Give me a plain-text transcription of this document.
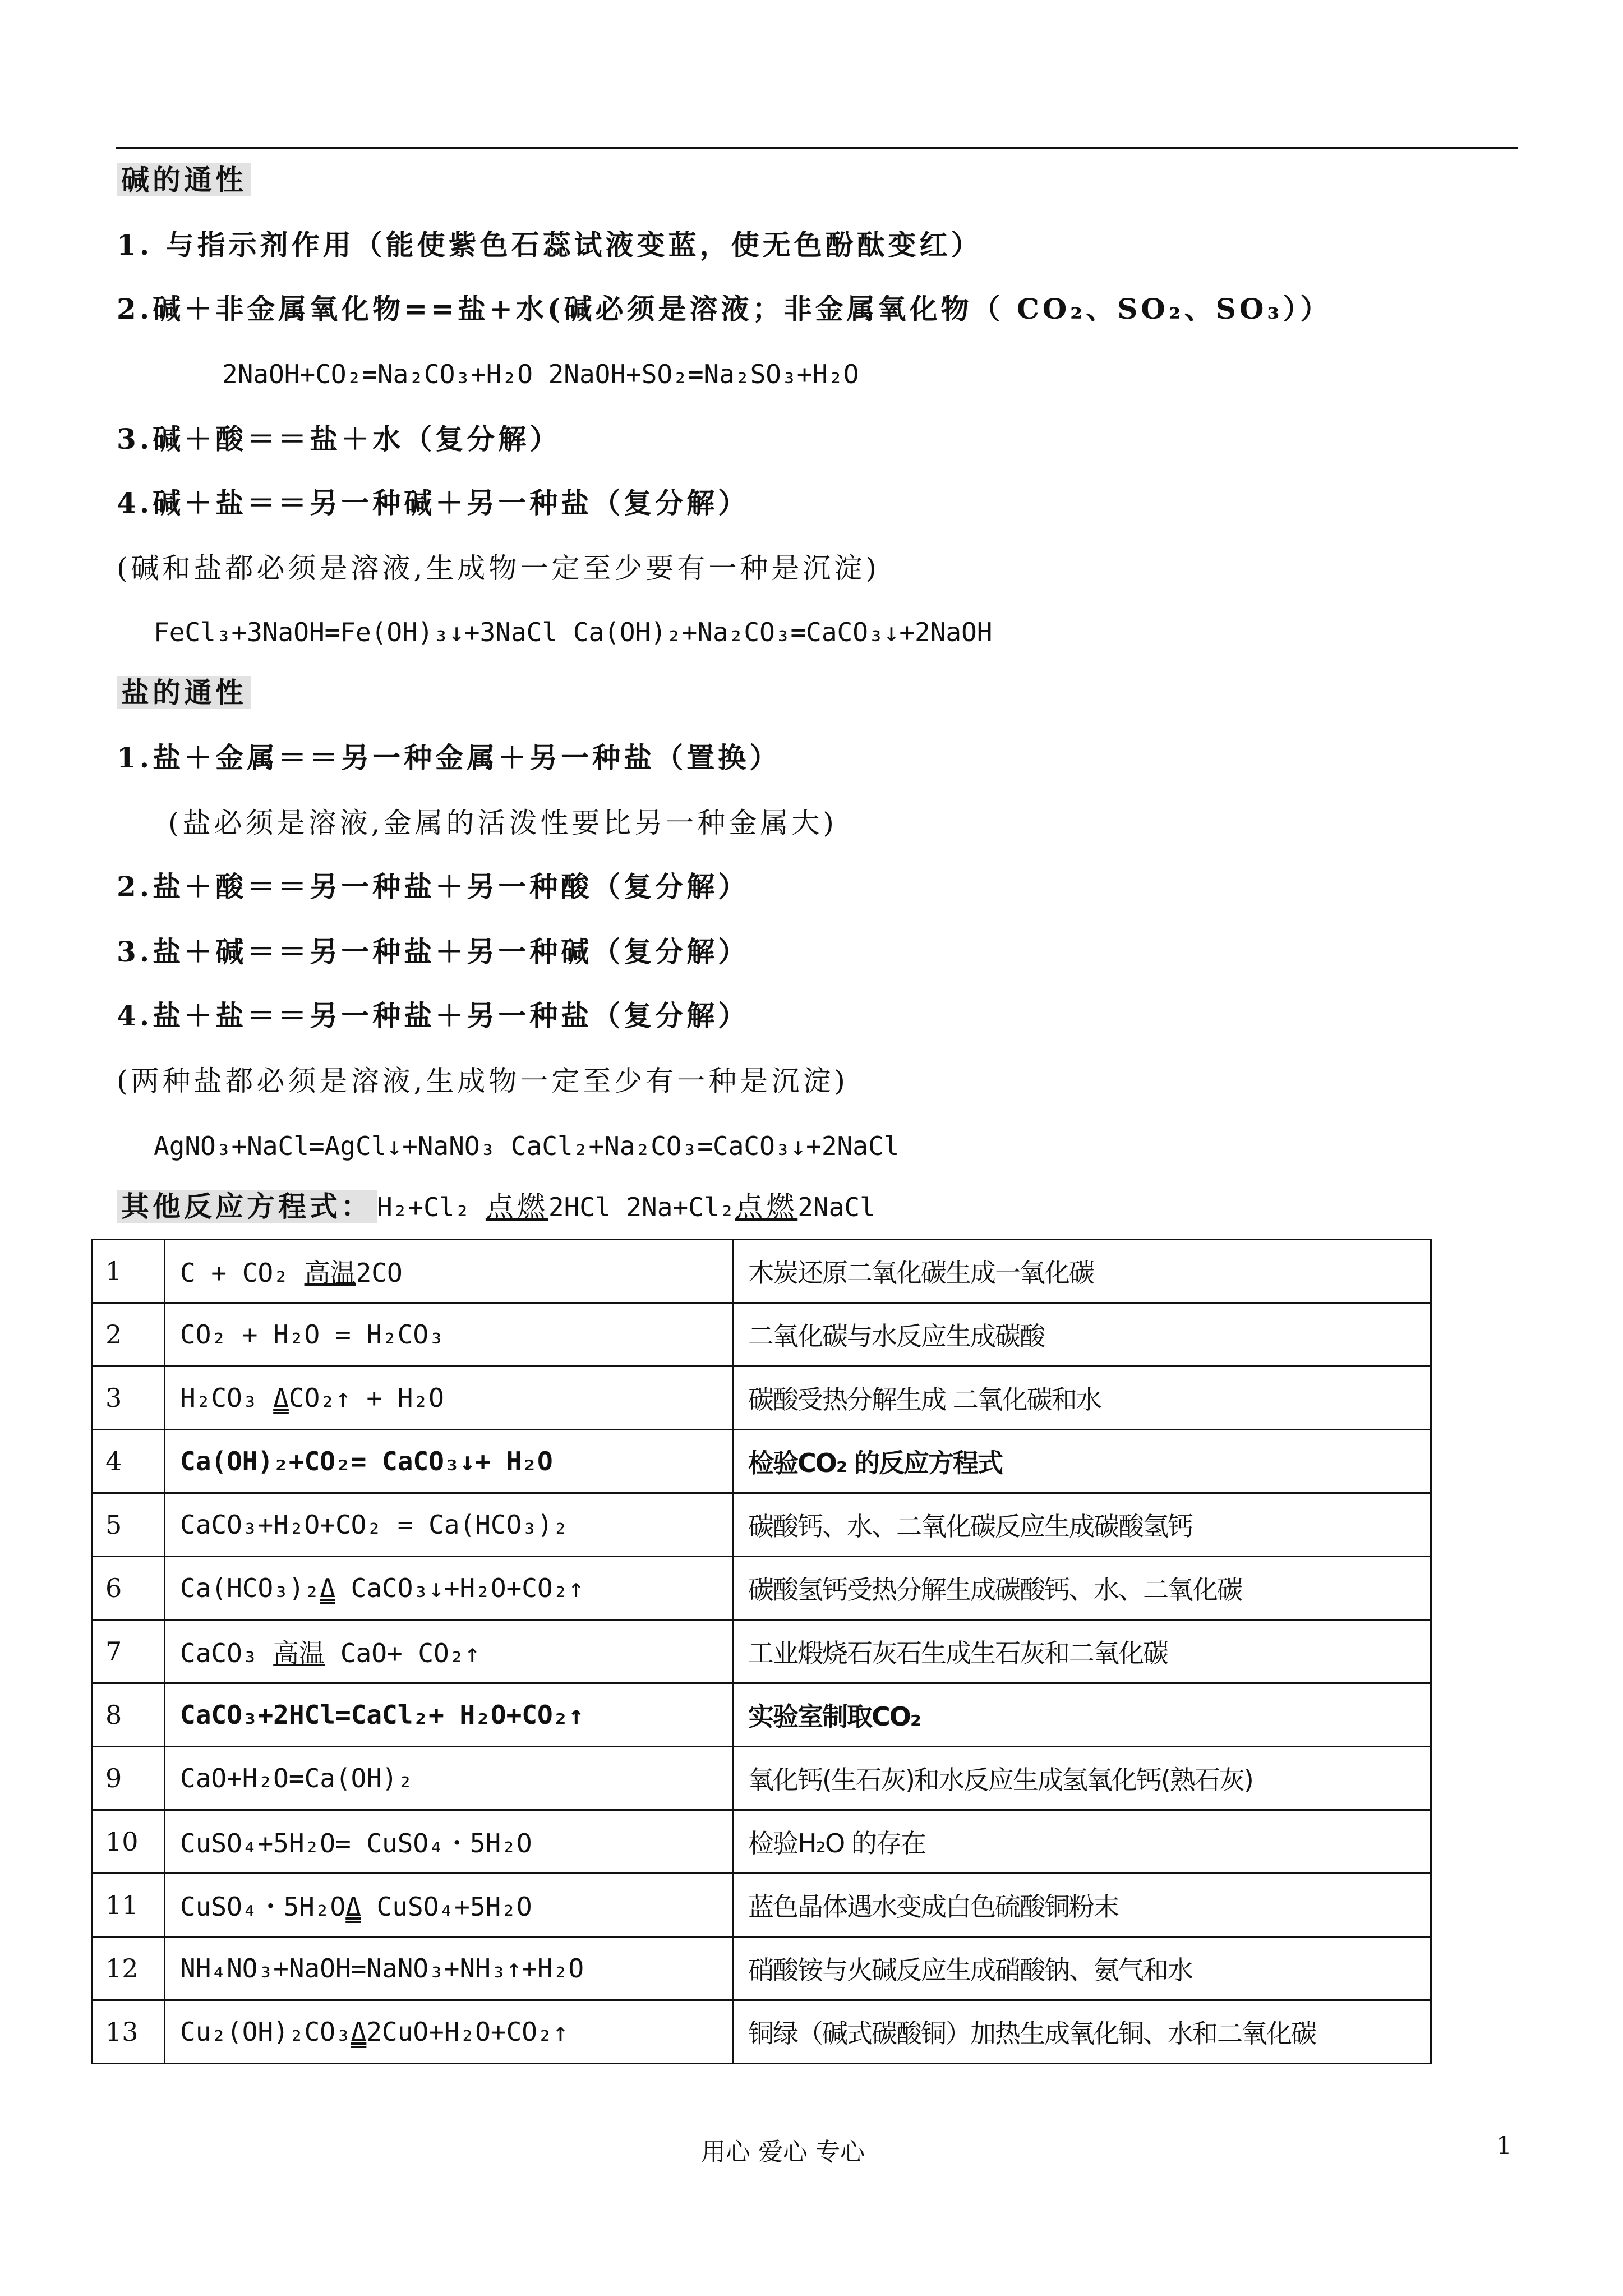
碱的通性
1. 与指示剂作用（能使紫色石蕊试液变蓝，使无色酚酞变红）
2.碱＋非金属氧化物==盐+水(碱必须是溶液；非金属氧化物（ CO₂、SO₂、SO₃））
2NaOH+CO₂=Na₂CO₃+H₂O 2NaOH+SO₂=Na₂SO₃+H₂O
3.碱＋酸＝＝盐＋水（复分解）
4.碱＋盐＝＝另一种碱＋另一种盐（复分解）
(碱和盐都必须是溶液,生成物一定至少要有一种是沉淀)
FeCl₃+3NaOH=Fe(OH)₃↓+3NaCl Ca(OH)₂+Na₂CO₃=CaCO₃↓+2NaOH
盐的通性
1.盐＋金属＝＝另一种金属＋另一种盐（置换）
(盐必须是溶液,金属的活泼性要比另一种金属大)
2.盐＋酸＝＝另一种盐＋另一种酸（复分解）
3.盐＋碱＝＝另一种盐＋另一种碱（复分解）
4.盐＋盐＝＝另一种盐＋另一种盐（复分解）
(两种盐都必须是溶液,生成物一定至少有一种是沉淀)
AgNO₃+NaCl=AgCl↓+NaNO₃ CaCl₂+Na₂CO₃=CaCO₃↓+2NaCl
其他反应方程式： H₂+Cl₂ 点燃2HCl 2Na+Cl₂点燃2NaCl
1	C + CO₂ 高温2CO	木炭还原二氧化碳生成一氧化碳
2	CO₂ + H₂O = H₂CO₃	二氧化碳与水反应生成碳酸
3	H₂CO₃ ΔCO₂↑ + H₂O	碳酸受热分解生成 二氧化碳和水
4	Ca(OH)₂+CO₂= CaCO₃↓+ H₂O	检验CO₂ 的反应方程式
5	CaCO₃+H₂O+CO₂ = Ca(HCO₃)₂	碳酸钙、水、二氧化碳反应生成碳酸氢钙
6	Ca(HCO₃)₂Δ CaCO₃↓+H₂O+CO₂↑	碳酸氢钙受热分解生成碳酸钙、水、二氧化碳
7	CaCO₃ 高温 CaO+ CO₂↑	工业煅烧石灰石生成生石灰和二氧化碳
8	CaCO₃+2HCl=CaCl₂+ H₂O+CO₂↑	实验室制取CO₂
9	CaO+H₂O=Ca(OH)₂	氧化钙(生石灰)和水反应生成氢氧化钙(熟石灰)
10	CuSO₄+5H₂O= CuSO₄・5H₂O	检验H₂O 的存在
11	CuSO₄・5H₂OΔ CuSO₄+5H₂O	蓝色晶体遇水变成白色硫酸铜粉末
12	NH₄NO₃+NaOH=NaNO₃+NH₃↑+H₂O	硝酸铵与火碱反应生成硝酸钠、氨气和水
13	Cu₂(OH)₂CO₃Δ2CuO+H₂O+CO₂↑	铜绿（碱式碳酸铜）加热生成氧化铜、水和二氧化碳
用心 爱心 专心	1
